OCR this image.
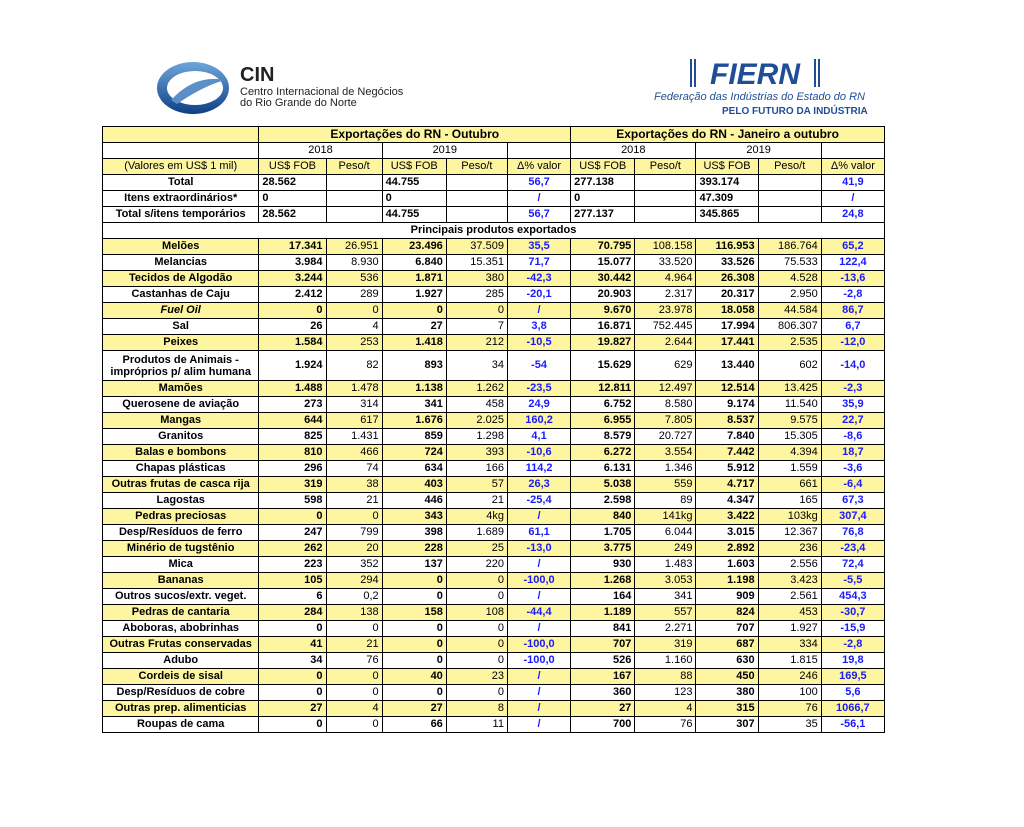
CIN
Centro Internacional de Negócios
do Rio Grande do Norte
FIERN
Federação das Indústrias do Estado do RN
PELO FUTURO DA INDÚSTRIA
	Exportações do RN - Outubro					Exportações do RN - Janeiro a outubro				
	2018		2019			2018		2019		
(Valores em US$ 1 mil)	US$ FOB	Peso/t	US$ FOB	Peso/t	Δ% valor	US$ FOB	Peso/t	US$ FOB	Peso/t	Δ% valor
Total	28.562		44.755		56,7	277.138		393.174		41,9
Itens extraordinários*	0		0		/	0		47.309		/
Total s/itens temporários	28.562		44.755		56,7	277.137		345.865		24,8
Principais produtos exportados										
Melões	17.341	26.951	23.496	37.509	35,5	70.795	108.158	116.953	186.764	65,2
Melancias	3.984	8.930	6.840	15.351	71,7	15.077	33.520	33.526	75.533	122,4
Tecidos de Algodão	3.244	536	1.871	380	-42,3	30.442	4.964	26.308	4.528	-13,6
Castanhas de Caju	2.412	289	1.927	285	-20,1	20.903	2.317	20.317	2.950	-2,8
Fuel Oil	0	0	0	0	/	9.670	23.978	18.058	44.584	86,7
Sal	26	4	27	7	3,8	16.871	752.445	17.994	806.307	6,7
Peixes	1.584	253	1.418	212	-10,5	19.827	2.644	17.441	2.535	-12,0
Produtos de Animais - impróprios p/ alim humana	1.924	82	893	34	-54	15.629	629	13.440	602	-14,0
Mamões	1.488	1.478	1.138	1.262	-23,5	12.811	12.497	12.514	13.425	-2,3
Querosene de aviação	273	314	341	458	24,9	6.752	8.580	9.174	11.540	35,9
Mangas	644	617	1.676	2.025	160,2	6.955	7.805	8.537	9.575	22,7
Granitos	825	1.431	859	1.298	4,1	8.579	20.727	7.840	15.305	-8,6
Balas e bombons	810	466	724	393	-10,6	6.272	3.554	7.442	4.394	18,7
Chapas plásticas	296	74	634	166	114,2	6.131	1.346	5.912	1.559	-3,6
Outras frutas de casca rija	319	38	403	57	26,3	5.038	559	4.717	661	-6,4
Lagostas	598	21	446	21	-25,4	2.598	89	4.347	165	67,3
Pedras preciosas	0	0	343	4kg	/	840	141kg	3.422	103kg	307,4
Desp/Resíduos de ferro	247	799	398	1.689	61,1	1.705	6.044	3.015	12.367	76,8
Minério de tugstênio	262	20	228	25	-13,0	3.775	249	2.892	236	-23,4
Mica	223	352	137	220	/	930	1.483	1.603	2.556	72,4
Bananas	105	294	0	0	-100,0	1.268	3.053	1.198	3.423	-5,5
Outros sucos/extr. veget.	6	0,2	0	0	/	164	341	909	2.561	454,3
Pedras de cantaria	284	138	158	108	-44,4	1.189	557	824	453	-30,7
Aboboras, abobrinhas	0	0	0	0	/	841	2.271	707	1.927	-15,9
Outras Frutas conservadas	41	21	0	0	-100,0	707	319	687	334	-2,8
Adubo	34	76	0	0	-100,0	526	1.160	630	1.815	19,8
Cordeis de sisal	0	0	40	23	/	167	88	450	246	169,5
Desp/Resíduos de cobre	0	0	0	0	/	360	123	380	100	5,6
Outras prep. alimenticias	27	4	27	8	/	27	4	315	76	1066,7
Roupas de cama	0	0	66	11	/	700	76	307	35	-56,1
